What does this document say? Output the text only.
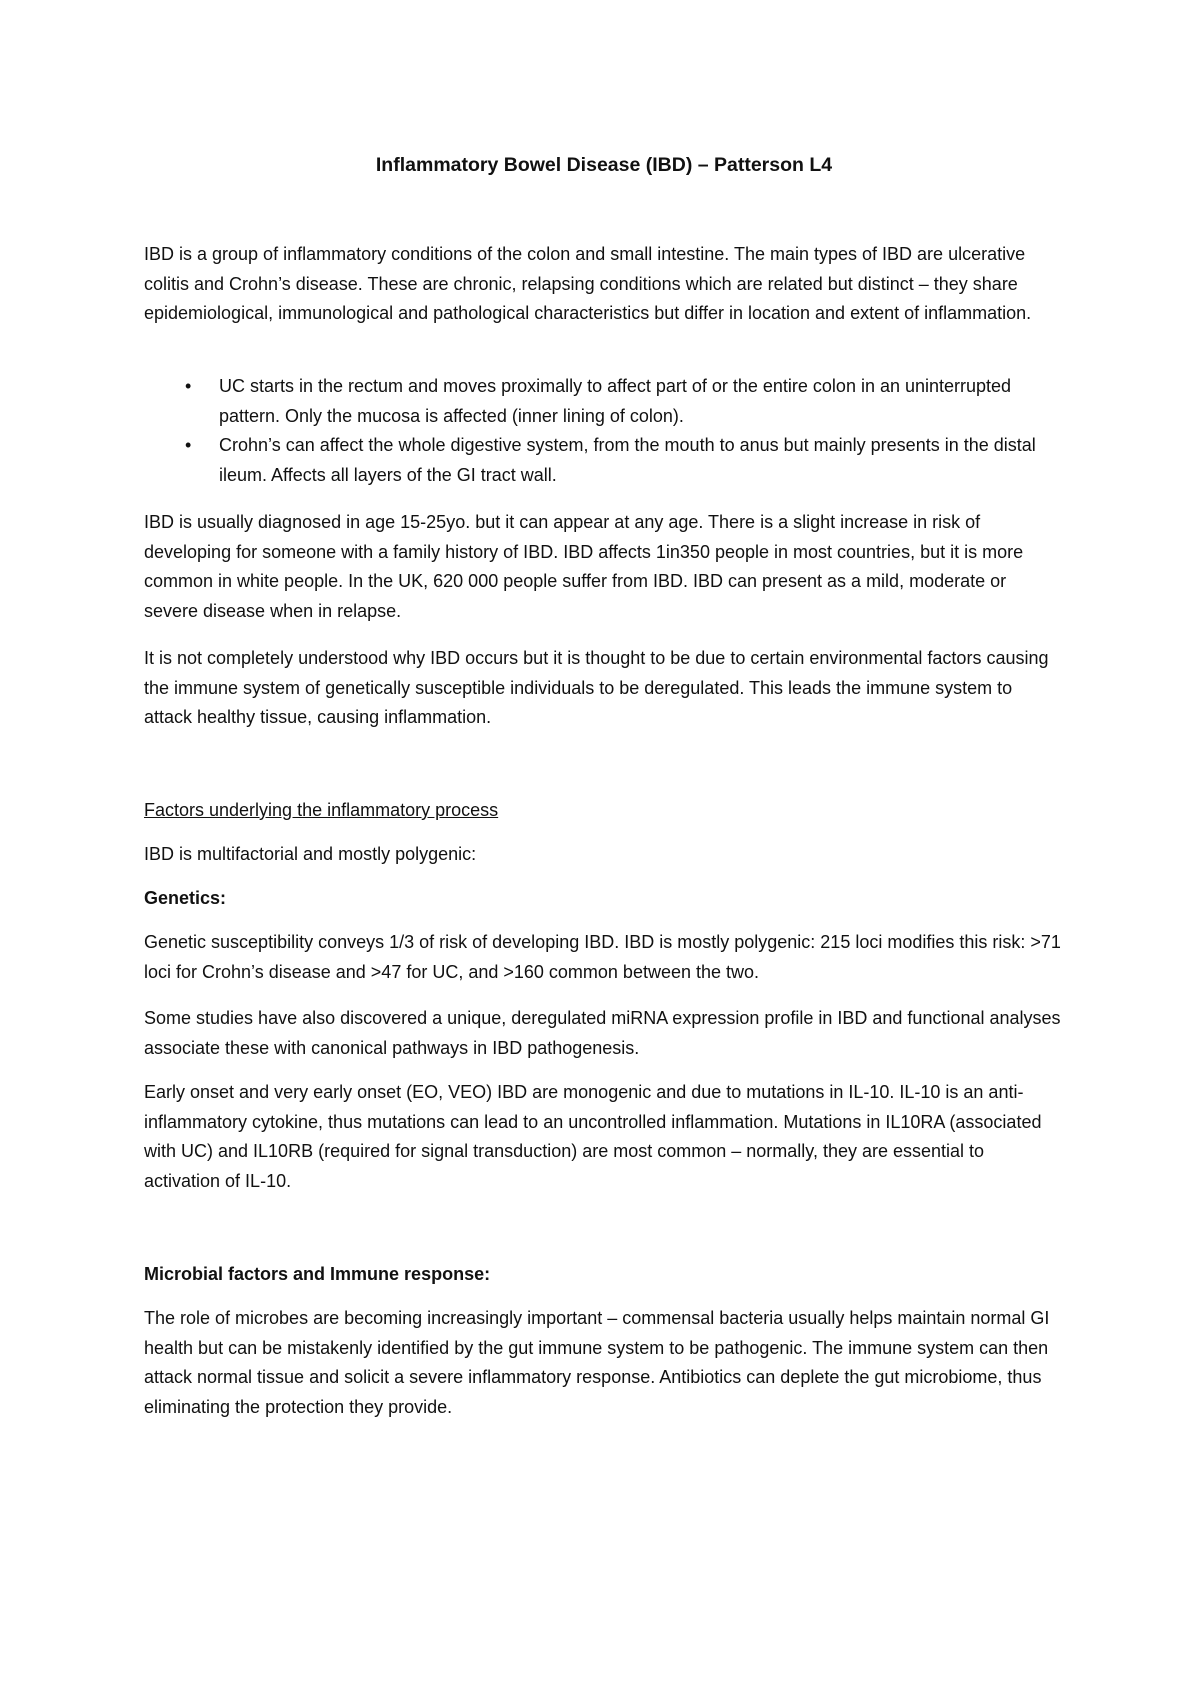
Inflammatory Bowel Disease (IBD) – Patterson L4

IBD is a group of inflammatory conditions of the colon and small intestine. The main types of IBD are ulcerative colitis and Crohn’s disease. These are chronic, relapsing conditions which are related but distinct – they share epidemiological, immunological and pathological characteristics but differ in location and extent of inflammation.

• UC starts in the rectum and moves proximally to affect part of or the entire colon in an uninterrupted pattern. Only the mucosa is affected (inner lining of colon).
• Crohn’s can affect the whole digestive system, from the mouth to anus but mainly presents in the distal ileum. Affects all layers of the GI tract wall.

IBD is usually diagnosed in age 15-25yo. but it can appear at any age. There is a slight increase in risk of developing for someone with a family history of IBD. IBD affects 1in350 people in most countries, but it is more common in white people. In the UK, 620 000 people suffer from IBD. IBD can present as a mild, moderate or severe disease when in relapse.

It is not completely understood why IBD occurs but it is thought to be due to certain environmental factors causing the immune system of genetically susceptible individuals to be deregulated. This leads the immune system to attack healthy tissue, causing inflammation.

Factors underlying the inflammatory process

IBD is multifactorial and mostly polygenic:

Genetics:

Genetic susceptibility conveys 1/3 of risk of developing IBD. IBD is mostly polygenic: 215 loci modifies this risk: >71 loci for Crohn’s disease and >47 for UC, and >160 common between the two.

Some studies have also discovered a unique, deregulated miRNA expression profile in IBD and functional analyses associate these with canonical pathways in IBD pathogenesis.

Early onset and very early onset (EO, VEO) IBD are monogenic and due to mutations in IL-10. IL-10 is an anti-inflammatory cytokine, thus mutations can lead to an uncontrolled inflammation. Mutations in IL10RA (associated with UC) and IL10RB (required for signal transduction) are most common – normally, they are essential to activation of IL-10.

Microbial factors and Immune response:

The role of microbes are becoming increasingly important – commensal bacteria usually helps maintain normal GI health but can be mistakenly identified by the gut immune system to be pathogenic. The immune system can then attack normal tissue and solicit a severe inflammatory response. Antibiotics can deplete the gut microbiome, thus eliminating the protection they provide.
